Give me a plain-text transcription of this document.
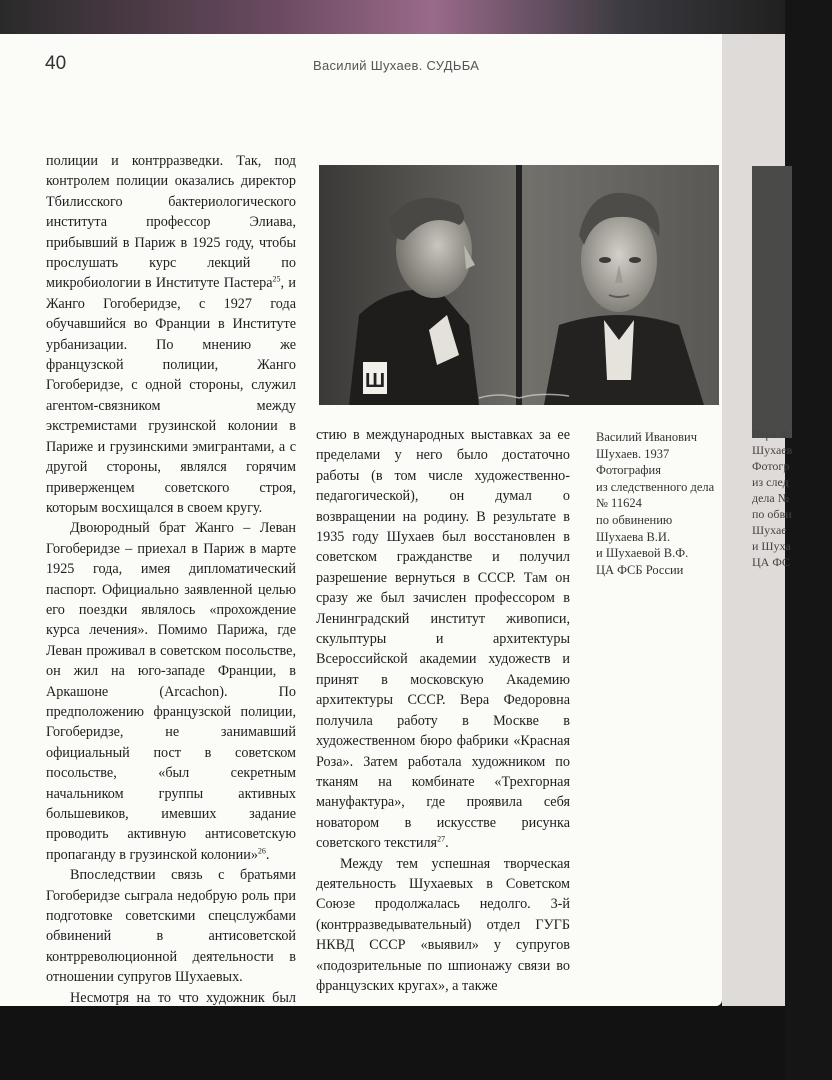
Вера Ф
Шухаев
Фотогр
из след
дела №
по обви
Шухае
и Шуха
ЦА ФС
40	Василий Шухаев. СУДЬБА

полиции и контрразведки. Так, под контролем полиции оказались директор Тбилисского бактериологического института профессор Элиава, прибывший в Париж в 1925 году, чтобы прослушать курс лекций по микробиологии в Институте Пастера$^{25}$, и Жанго Гогоберидзе, с 1927 года обучавшийся во Франции в Институте урбанизации. По мнению же французской полиции, Жанго Гогоберидзе, с одной стороны, служил агентом-связником между экстремистами грузинской колонии в Париже и грузинскими эмигрантами, а с другой стороны, являлся горячим приверженцем советского строя, которым восхищался в своем кругу.

Двоюродный брат Жанго – Леван Гогоберидзе – приехал в Париж в марте 1925 года, имея дипломатический паспорт. Официально заявленной целью его поездки являлось «прохождение курса лечения». Помимо Парижа, где Леван проживал в советском посольстве, он жил на юго-западе Франции, в Аркашоне (Arcachon). По предположению французской полиции, Гогоберидзе, не занимавший официальный пост в советском посольстве, «был секретным начальником группы активных большевиков, имевших задание проводить активную антисоветскую пропаганду в грузинской колонии»$^{26}$.

Впоследствии связь с братьями Гогоберидзе сыграла недобрую роль при подготовке советскими спецслужбами обвинений в антисоветской контрреволюционной деятельности в отношении супругов Шухаевых.

Несмотря на то что художник был

Ш
Василий Иванович
Шухаев. 1937
Фотография
из следственного дела
№ 11624
по обвинению
Шухаева В.И.
и Шухаевой В.Ф.
ЦА ФСБ России

стию в международных выставках за ее пределами у него было достаточно работы (в том числе художественно-педагогической), он думал о возвращении на родину. В результате в 1935 году Шухаев был восстановлен в советском гражданстве и получил разрешение вернуться в СССР. Там он сразу же был зачислен профессором в Ленинградский институт живописи, скульптуры и архитектуры Всероссийской академии художеств и принят в московскую Академию архитектуры СССР. Вера Федоровна получила работу в Москве в художественном бюро фабрики «Красная Роза». Затем работала художником по тканям на комбинате «Трехгорная мануфактура», где проявила себя новатором в искусстве рисунка советского текстиля$^{27}$.

Между тем успешная творческая деятельность Шухаевых в Советском Союзе продолжалась недолго. 3-й (контрразведывательный) отдел ГУГБ НКВД СССР «выявил» у супругов «подозрительные по шпионажу связи во французских кругах», а также
